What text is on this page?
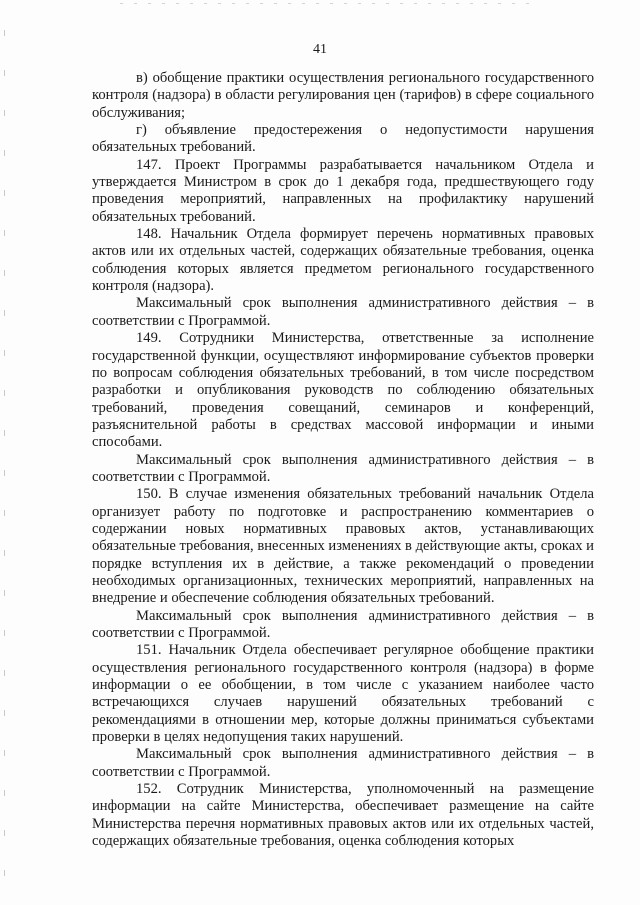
41

в) обобщение практики осуществления регионального государственного контроля (надзора) в области регулирования цен (тарифов) в сфере социального обслуживания;

г) объявление предостережения о недопустимости нарушения обязательных требований.

147. Проект Программы разрабатывается начальником Отдела и утверждается Министром в срок до 1 декабря года, предшествующего году проведения мероприятий, направленных на профилактику нарушений обязательных требований.

148. Начальник Отдела формирует перечень нормативных правовых актов или их отдельных частей, содержащих обязательные требования, оценка соблюдения которых является предметом регионального государственного контроля (надзора).

Максимальный срок выполнения административного действия – в соответствии с Программой.

149. Сотрудники Министерства, ответственные за исполнение государственной функции, осуществляют информирование субъектов проверки по вопросам соблюдения обязательных требований, в том числе посредством разработки и опубликования руководств по соблюдению обязательных требований, проведения совещаний, семинаров и конференций, разъяснительной работы в средствах массовой информации и иными способами.

Максимальный срок выполнения административного действия – в соответствии с Программой.

150. В случае изменения обязательных требований начальник Отдела организует работу по подготовке и распространению комментариев о содержании новых нормативных правовых актов, устанавливающих обязательные требования, внесенных изменениях в действующие акты, сроках и порядке вступления их в действие, а также рекомендаций о проведении необходимых организационных, технических мероприятий, направленных на внедрение и обеспечение соблюдения обязательных требований.

Максимальный срок выполнения административного действия – в соответствии с Программой.

151. Начальник Отдела обеспечивает регулярное обобщение практики осуществления регионального государственного контроля (надзора) в форме информации о ее обобщении, в том числе с указанием наиболее часто встречающихся случаев нарушений обязательных требований с рекомендациями в отношении мер, которые должны приниматься субъектами проверки в целях недопущения таких нарушений.

Максимальный срок выполнения административного действия – в соответствии с Программой.

152. Сотрудник Министерства, уполномоченный на размещение информации на сайте Министерства, обеспечивает размещение на сайте Министерства перечня нормативных правовых актов или их отдельных частей, содержащих обязательные требования, оценка соблюдения которых
